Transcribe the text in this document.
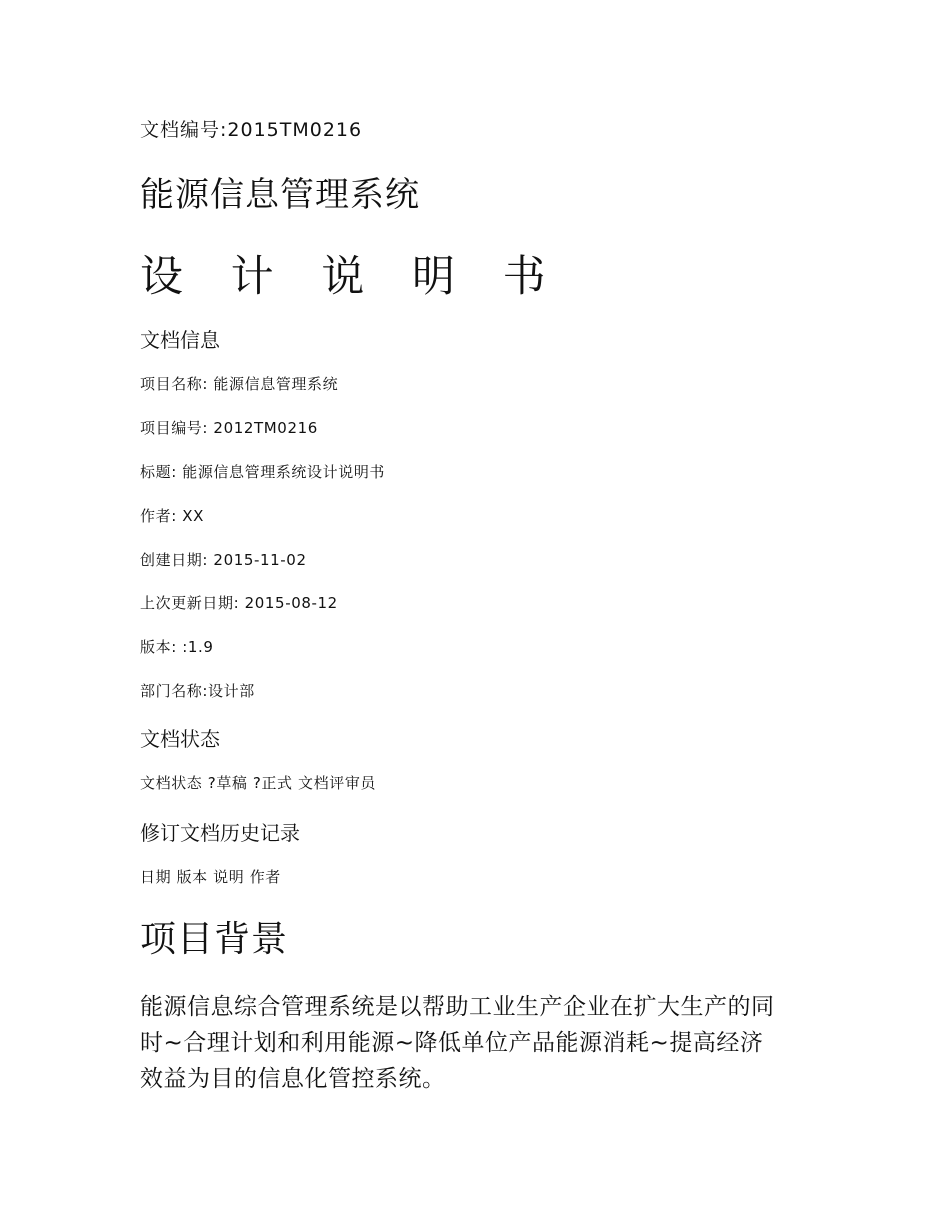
文档编号:2015TM0216
能源信息管理系统
设 计 说 明 书
文档信息
项目名称: 能源信息管理系统
项目编号: 2012TM0216
标题: 能源信息管理系统设计说明书
作者: XX
创建日期: 2015-11-02
上次更新日期: 2015-08-12
版本: :1.9
部门名称:设计部
文档状态
文档状态 ?草稿 ?正式 文档评审员
修订文档历史记录
日期 版本 说明 作者
项目背景
能源信息综合管理系统是以帮助工业生产企业在扩大生产的同
时~合理计划和利用能源~降低单位产品能源消耗~提高经济
效益为目的信息化管控系统。
